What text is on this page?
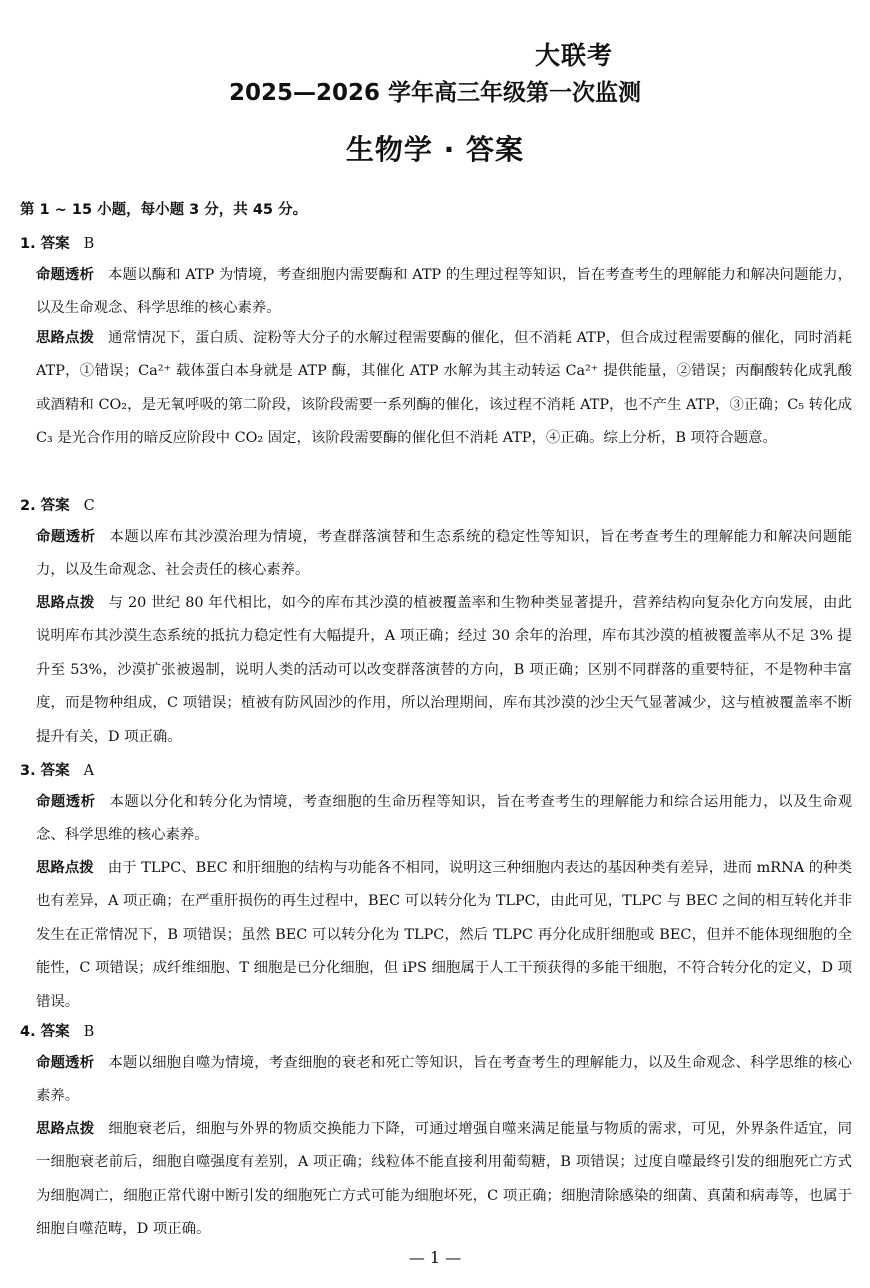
大联考
2025—2026 学年高三年级第一次监测
生物学 · 答案
第 1 ~ 15 小题，每小题 3 分，共 45 分。
1. 答案 B
命题透析 本题以酶和 ATP 为情境，考查细胞内需要酶和 ATP 的生理过程等知识，旨在考查考生的理解能力和解决问题能力，以及生命观念、科学思维的核心素养。
思路点拨 通常情况下，蛋白质、淀粉等大分子的水解过程需要酶的催化，但不消耗 ATP，但合成过程需要酶的催化，同时消耗 ATP，①错误；Ca²⁺ 载体蛋白本身就是 ATP 酶，其催化 ATP 水解为其主动转运 Ca²⁺ 提供能量，②错误；丙酮酸转化成乳酸或酒精和 CO₂，是无氧呼吸的第二阶段，该阶段需要一系列酶的催化，该过程不消耗 ATP，也不产生 ATP，③正确；C₅ 转化成 C₃ 是光合作用的暗反应阶段中 CO₂ 固定，该阶段需要酶的催化但不消耗 ATP，④正确。综上分析，B 项符合题意。
2. 答案 C
命题透析 本题以库布其沙漠治理为情境，考查群落演替和生态系统的稳定性等知识，旨在考查考生的理解能力和解决问题能力，以及生命观念、社会责任的核心素养。
思路点拨 与 20 世纪 80 年代相比，如今的库布其沙漠的植被覆盖率和生物种类显著提升，营养结构向复杂化方向发展，由此说明库布其沙漠生态系统的抵抗力稳定性有大幅提升，A 项正确；经过 30 余年的治理，库布其沙漠的植被覆盖率从不足 3% 提升至 53%，沙漠扩张被遏制，说明人类的活动可以改变群落演替的方向，B 项正确；区别不同群落的重要特征，不是物种丰富度，而是物种组成，C 项错误；植被有防风固沙的作用，所以治理期间，库布其沙漠的沙尘天气显著减少，这与植被覆盖率不断提升有关，D 项正确。
3. 答案 A
命题透析 本题以分化和转分化为情境，考查细胞的生命历程等知识，旨在考查考生的理解能力和综合运用能力，以及生命观念、科学思维的核心素养。
思路点拨 由于 TLPC、BEC 和肝细胞的结构与功能各不相同，说明这三种细胞内表达的基因种类有差异，进而 mRNA 的种类也有差异，A 项正确；在严重肝损伤的再生过程中，BEC 可以转分化为 TLPC，由此可见，TLPC 与 BEC 之间的相互转化并非发生在正常情况下，B 项错误；虽然 BEC 可以转分化为 TLPC，然后 TLPC 再分化成肝细胞或 BEC，但并不能体现细胞的全能性，C 项错误；成纤维细胞、T 细胞是已分化细胞，但 iPS 细胞属于人工干预获得的多能干细胞，不符合转分化的定义，D 项错误。
4. 答案 B
命题透析 本题以细胞自噬为情境，考查细胞的衰老和死亡等知识，旨在考查考生的理解能力，以及生命观念、科学思维的核心素养。
思路点拨 细胞衰老后，细胞与外界的物质交换能力下降，可通过增强自噬来满足能量与物质的需求，可见，外界条件适宜，同一细胞衰老前后，细胞自噬强度有差别，A 项正确；线粒体不能直接利用葡萄糖，B 项错误；过度自噬最终引发的细胞死亡方式为细胞凋亡，细胞正常代谢中断引发的细胞死亡方式可能为细胞坏死，C 项正确；细胞清除感染的细菌、真菌和病毒等，也属于细胞自噬范畴，D 项正确。
— 1 —
